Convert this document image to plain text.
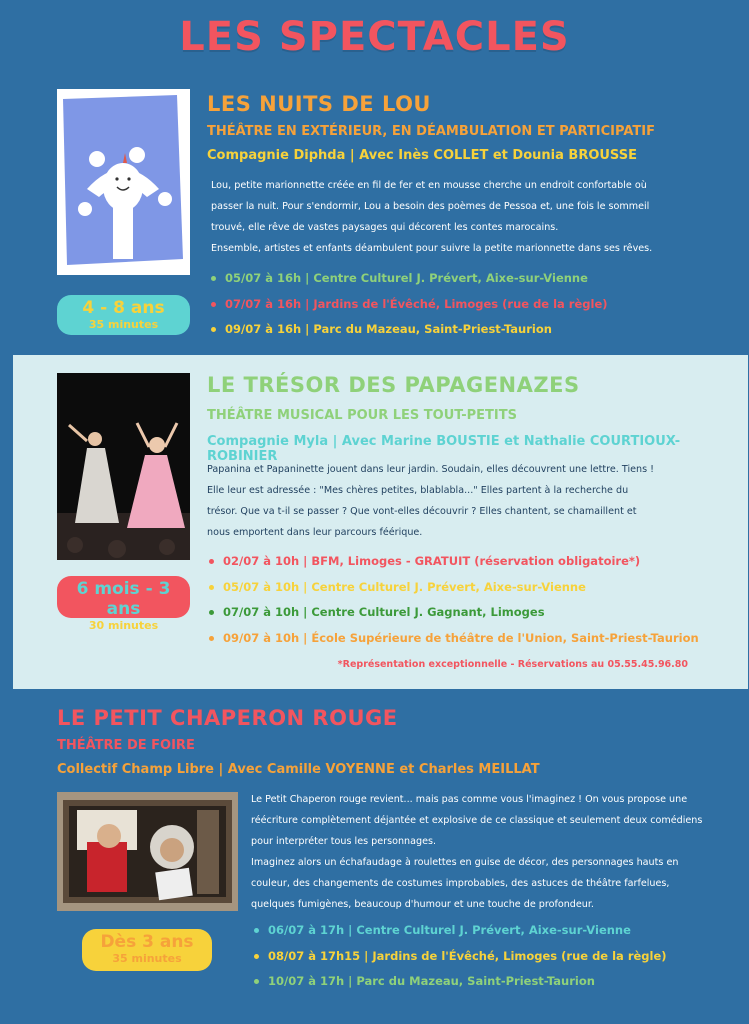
LES SPECTACLES
4 - 8 ans
35 minutes
LES NUITS DE LOU
THÉÂTRE EN EXTÉRIEUR, EN DÉAMBULATION ET PARTICIPATIF
Compagnie Diphda | Avec Inès COLLET et Dounia BROUSSE
Lou, petite marionnette créée en fil de fer et en mousse cherche un endroit confortable où
passer la nuit. Pour s'endormir, Lou a besoin des poèmes de Pessoa et, une fois le sommeil
trouvé, elle rêve de vastes paysages qui décorent les contes marocains.
Ensemble, artistes et enfants déambulent pour suivre la petite marionnette dans ses rêves.
05/07 à 16h | Centre Culturel J. Prévert, Aixe-sur-Vienne
07/07 à 16h | Jardins de l'Évêché, Limoges (rue de la règle)
09/07 à 16h | Parc du Mazeau, Saint-Priest-Taurion
6 mois - 3 ans
30 minutes
LE TRÉSOR DES PAPAGENAZES
THÉÂTRE MUSICAL POUR LES TOUT-PETITS
Compagnie Myla | Avec Marine BOUSTIE et Nathalie COURTIOUX-ROBINIER
Papanina et Papaninette jouent dans leur jardin. Soudain, elles découvrent une lettre. Tiens !
Elle leur est adressée : "Mes chères petites, blablabla..." Elles partent à la recherche du
trésor. Que va t-il se passer ? Que vont-elles découvrir ? Elles chantent, se chamaillent et
nous emportent dans leur parcours féérique.
02/07 à 10h | BFM, Limoges - GRATUIT (réservation obligatoire*)
05/07 à 10h | Centre Culturel J. Prévert, Aixe-sur-Vienne
07/07 à 10h | Centre Culturel J. Gagnant, Limoges
09/07 à 10h | École Supérieure de théâtre de l'Union, Saint-Priest-Taurion
*Représentation exceptionnelle - Réservations au 05.55.45.96.80
LE PETIT CHAPERON ROUGE
THÉÂTRE DE FOIRE
Collectif Champ Libre | Avec Camille VOYENNE et Charles MEILLAT
Dès 3 ans
35 minutes
Le Petit Chaperon rouge revient... mais pas comme vous l'imaginez ! On vous propose une
réécriture complètement déjantée et explosive de ce classique et seulement deux comédiens
pour interpréter tous les personnages.
Imaginez alors un échafaudage à roulettes en guise de décor, des personnages hauts en
couleur, des changements de costumes improbables, des astuces de théâtre farfelues,
quelques fumigènes, beaucoup d'humour et une touche de profondeur.
06/07 à 17h | Centre Culturel J. Prévert, Aixe-sur-Vienne
08/07 à 17h15 | Jardins de l'Évêché, Limoges (rue de la règle)
10/07 à 17h | Parc du Mazeau, Saint-Priest-Taurion
